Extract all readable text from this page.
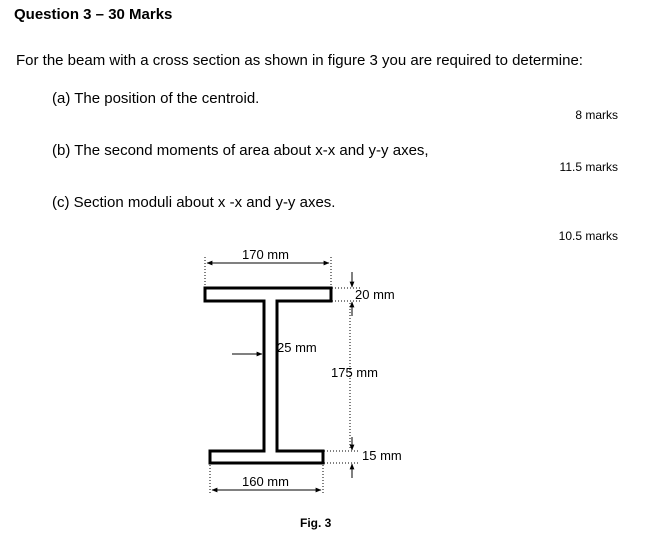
Question 3 – 30 Marks
For the beam with a cross section as shown in figure 3 you are required to determine:
(a) The position of the centroid.
8 marks
(b) The second moments of area about x-x and y-y axes,
11.5 marks
(c) Section moduli about x -x and y-y axes.
10.5 marks
170 mm
20 mm
25 mm
175 mm
15 mm
160 mm
Fig. 3
